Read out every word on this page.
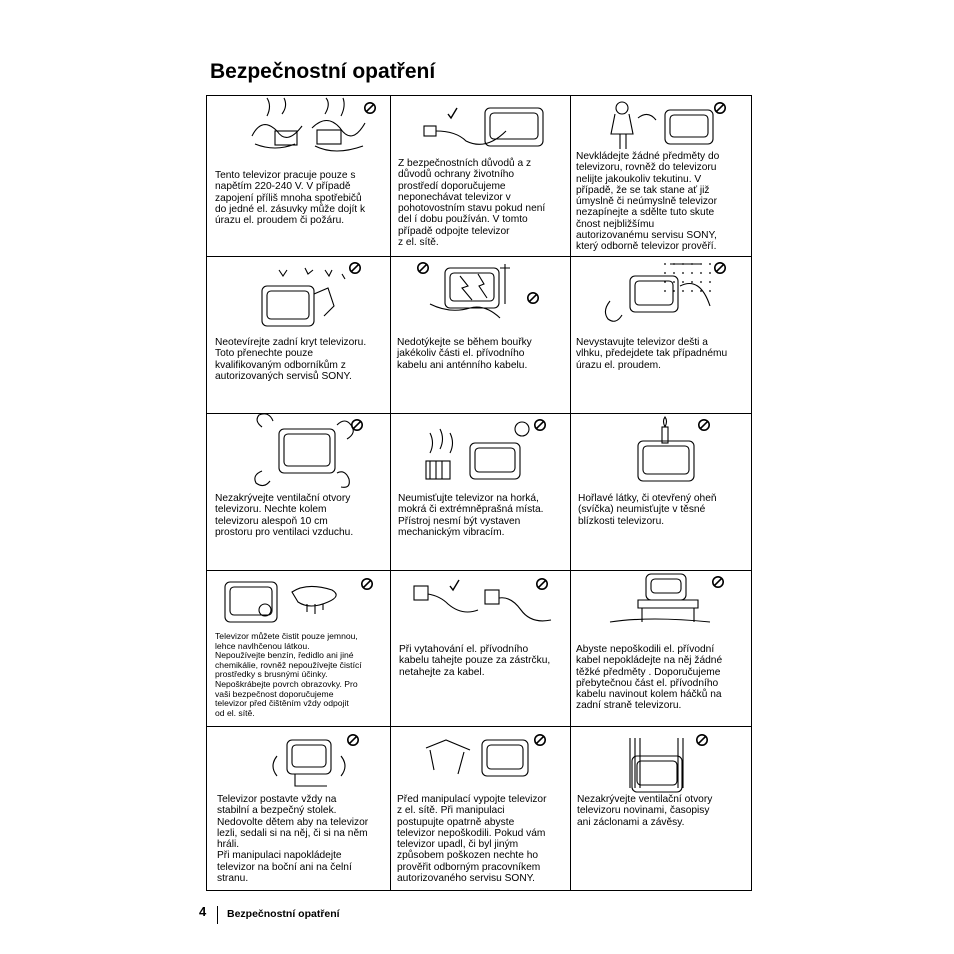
Bezpečnostní opatření
Tento televizor pracuje pouze s
napětím 220-240 V. V případě
zapojení příliš mnoha spotřebičů
do jedné el. zásuvky může dojít k
úrazu el. proudem či požáru.
Z bezpečnostních důvodů a z
důvodů ochrany životního
prostředí doporučujeme
neponechávat televizor v
pohotovostním stavu pokud není
del í dobu používán. V tomto
případě odpojte televizor
z el. sítě.
Nevkládejte žádné předměty do
televizoru, rovněž do televizoru
nelijte jakoukoliv tekutinu. V
případě, že se tak stane ať již
úmyslně či neúmyslně televizor
nezapínejte a sdělte tuto skute
čnost nejbližšímu
autorizovanému servisu SONY,
který odborně televizor prověří.
Neotevírejte zadní kryt televizoru.
Toto přenechte pouze
kvalifikovaným odborníkům z
autorizovaných servisů SONY.
Nedotýkejte se během bouřky
jakékoliv části el. přívodního
kabelu ani anténního kabelu.
Nevystavujte televizor dešti a
vlhku, předejdete tak případnému
úrazu el. proudem.
Nezakrývejte ventilační otvory
televizoru. Nechte kolem
televizoru alespoň 10 cm
prostoru pro ventilaci vzduchu.
Neumisťujte televizor na horká,
mokrá či extrémněprašná místa.
Přístroj nesmí být vystaven
mechanickým vibracím.
Hořlavé látky, či otevřený oheň
(svíčka) neumisťujte v těsné
blízkosti televizoru.
Televizor můžete čistit pouze jemnou,
lehce navlhčenou látkou.
Nepoužívejte benzín, ředidlo ani jiné
chemikálie, rovněž nepoužívejte čistící
prostředky s brusnými účinky.
Nepoškrábejte povrch obrazovky. Pro
vaši bezpečnost doporučujeme
televizor před čištěním vždy odpojit
od el. sítě.
Při vytahování el. přívodního
kabelu tahejte pouze za zástrčku,
netahejte za kabel.
Abyste nepoškodili el. přívodní
kabel nepokládejte na něj žádné
těžké předměty . Doporučujeme
přebytečnou část el. přívodního
kabelu navinout kolem háčků na
zadní straně televizoru.
Televizor postavte vždy na
stabilní a bezpečný stolek.
Nedovolte dětem aby na televizor
lezli, sedali si na něj, či si na něm
hráli.
Při manipulaci napokládejte
televizor na boční ani na čelní
stranu.
Před manipulací vypojte televizor
z el. sítě. Při manipulaci
postupujte opatrně abyste
televizor nepoškodili. Pokud vám
televizor upadl, či byl jiným
způsobem poškozen nechte ho
prověřit odborným pracovníkem
autorizovaného servisu SONY.
Nezakrývejte ventilační otvory
televizoru novinami, časopisy
ani záclonami a závěsy.
4 Bezpečnostní opatření
